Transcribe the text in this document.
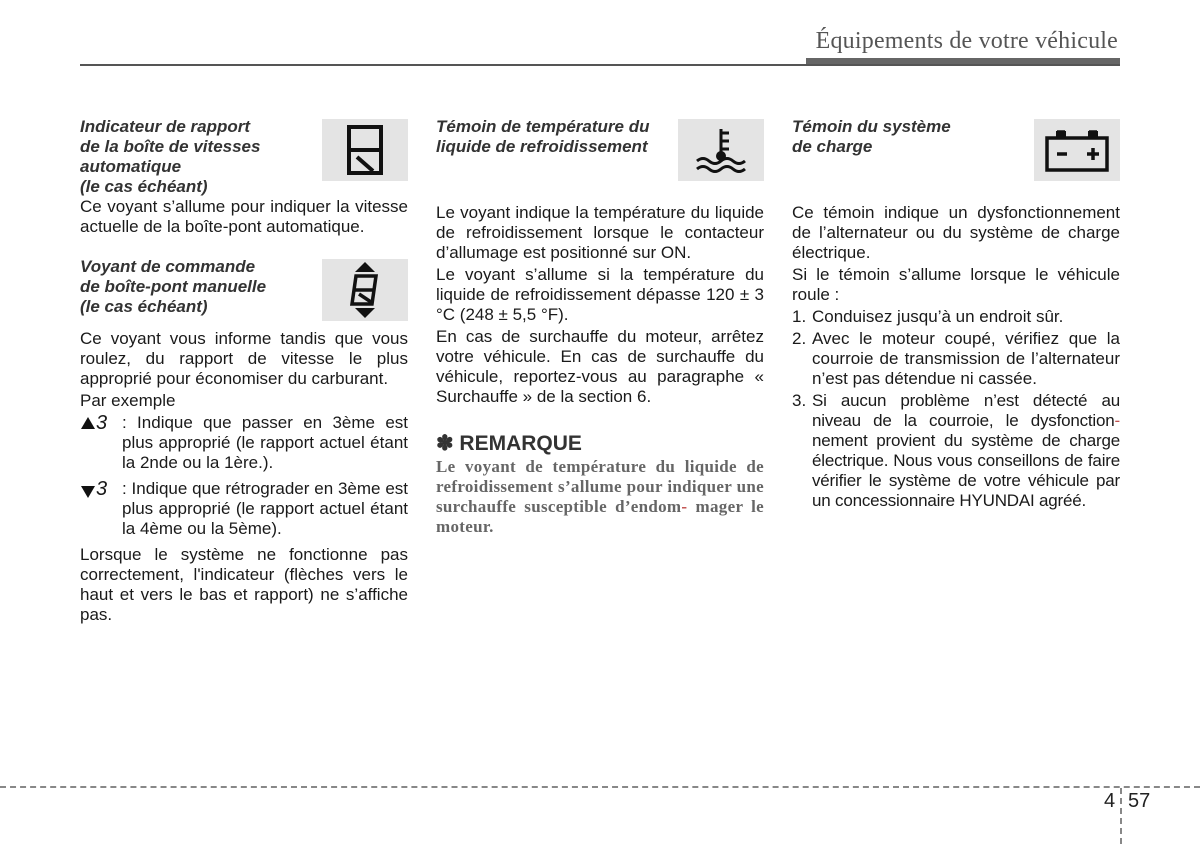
Équipements de votre véhicule
Indicateur de rapport
de la boîte de vitesses
automatique
(le cas échéant)

Ce voyant s’allume pour indiquer la vitesse actuelle de la boîte-pont automatique.

Voyant de commande
de boîte-pont manuelle
(le cas échéant)

Ce voyant vous informe tandis que vous roulez, du rapport de vitesse le plus approprié pour économiser du carburant.

Par exemple

3 : Indique que passer en 3ème est plus approprié (le rapport actuel étant la 2nde ou la 1ère.).
3 : Indique que rétrograder en 3ème est plus approprié (le rapport actuel étant la 4ème ou la 5ème).

Lorsque le système ne fonctionne pas correctement, l'indicateur (flèches vers le haut et vers le bas et rapport) ne s’affiche pas.

Témoin de température du
liquide de refroidissement

Le voyant indique la température du liquide de refroidissement lorsque le contacteur d’allumage est positionné sur ON.

Le voyant s’allume si la température du liquide de refroidissement dépasse 120 ± 3 °C (248 ± 5,5 °F).

En cas de surchauffe du moteur, arrêtez votre véhicule. En cas de surchauffe du véhicule, reportez-vous au paragraphe « Surchauffe » de la section 6.

✽ REMARQUE
Le voyant de température du liquide de refroidissement s’allume pour indiquer une surchauffe susceptible d’endom- mager le moteur.
Témoin du système
de charge

Ce témoin indique un dysfonctionnement de l’alternateur ou du système de charge électrique.

Si le témoin s’allume lorsque le véhicule roule :

1. Conduisez jusqu’à un endroit sûr.
2. Avec le moteur coupé, vérifiez que la courroie de transmission de l’alternateur n’est pas détendue ni cassée.
3. Si aucun problème n’est détecté au niveau de la courroie, le dysfonction- nement provient du système de charge électrique. Nous vous conseillons de faire vérifier le système de votre véhicule par un concessionnaire HYUNDAI agréé.
4 57
